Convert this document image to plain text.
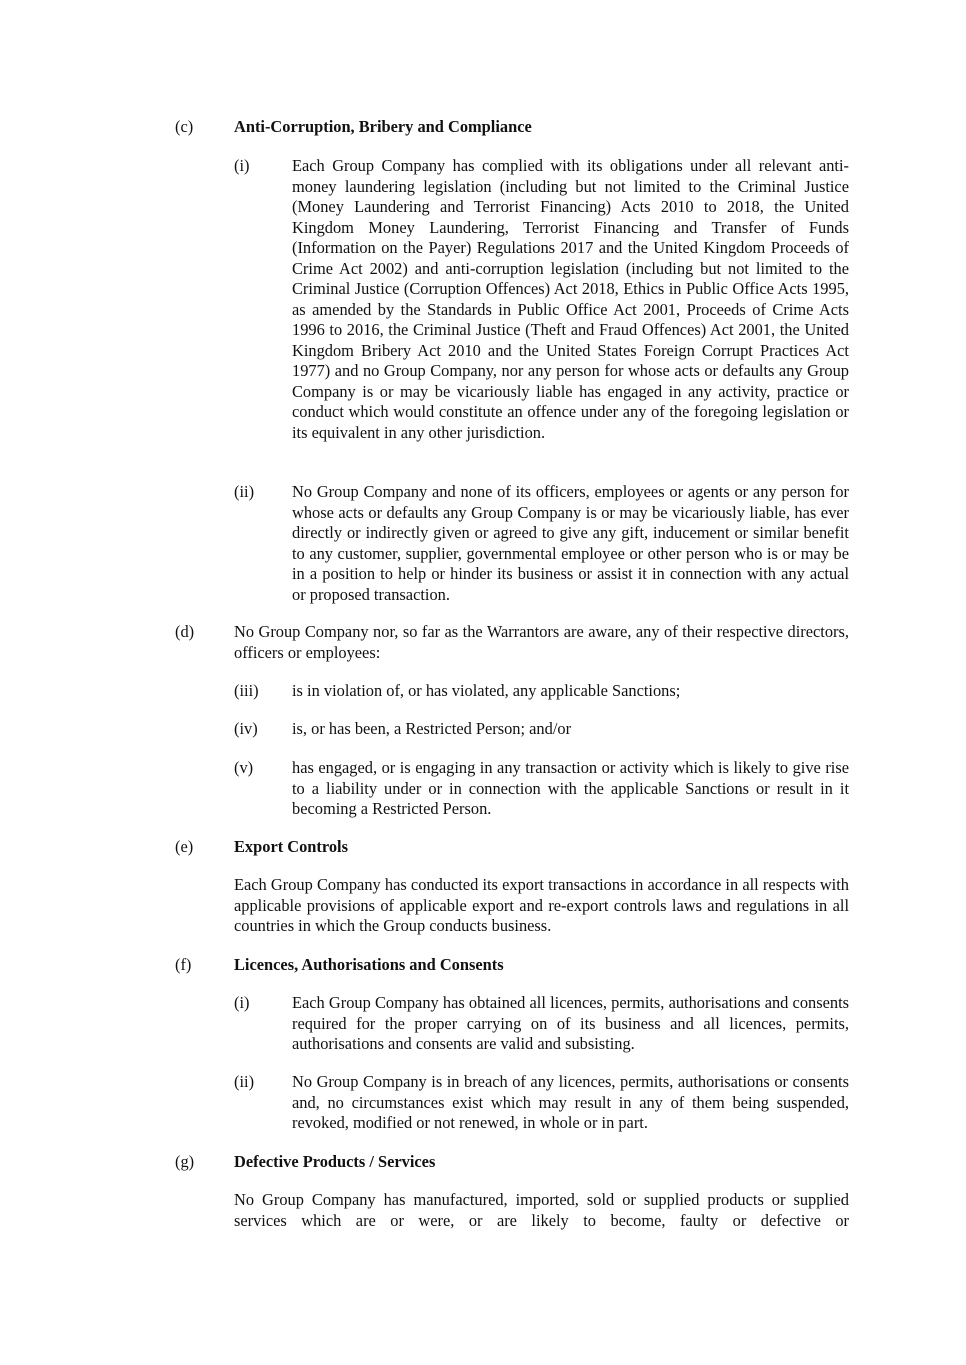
(c) Anti-Corruption, Bribery and Compliance
(i)	Each Group Company has complied with its obligations under all relevant anti-money laundering legislation (including but not limited to the Criminal Justice (Money Laundering and Terrorist Financing) Acts 2010 to 2018, the United Kingdom Money Laundering, Terrorist Financing and Transfer of Funds (Information on the Payer) Regulations 2017 and the United Kingdom Proceeds of Crime Act 2002) and anti-corruption legislation (including but not limited to the Criminal Justice (Corruption Offences) Act 2018, Ethics in Public Office Acts 1995, as amended by the Standards in Public Office Act 2001, Proceeds of Crime Acts 1996 to 2016, the Criminal Justice (Theft and Fraud Offences) Act 2001, the United Kingdom Bribery Act 2010 and the United States Foreign Corrupt Practices Act 1977) and no Group Company, nor any person for whose acts or defaults any Group Company is or may be vicariously liable has engaged in any activity, practice or conduct which would constitute an offence under any of the foregoing legislation or its equivalent in any other jurisdiction.
(ii) No Group Company and none of its officers, employees or agents or any person for whose acts or defaults any Group Company is or may be vicariously liable, has ever directly or indirectly given or agreed to give any gift, inducement or similar benefit to any customer, supplier, governmental employee or other person who is or may be in a position to help or hinder its business or assist it in connection with any actual or proposed transaction.
(d) No Group Company nor, so far as the Warrantors are aware, any of their respective directors, officers or employees:
(iii) is in violation of, or has violated, any applicable Sanctions;
(iv) is, or has been, a Restricted Person; and/or
(v) has engaged, or is engaging in any transaction or activity which is likely to give rise to a liability under or in connection with the applicable Sanctions or result in it becoming a Restricted Person.
(e) Export Controls
Each Group Company has conducted its export transactions in accordance in all respects with applicable provisions of applicable export and re-export controls laws and regulations in all countries in which the Group conducts business.
(f)	Licences, Authorisations and Consents
(i)	Each Group Company has obtained all licences, permits, authorisations and consents required for the proper carrying on of its business and all licences, permits, authorisations and consents are valid and subsisting.
(ii) No Group Company is in breach of any licences, permits, authorisations or consents and, no circumstances exist which may result in any of them being suspended, revoked, modified or not renewed, in whole or in part.
(g) Defective Products / Services
No Group Company has manufactured, imported, sold or supplied products or supplied services which are or were, or are likely to become, faulty or defective or
